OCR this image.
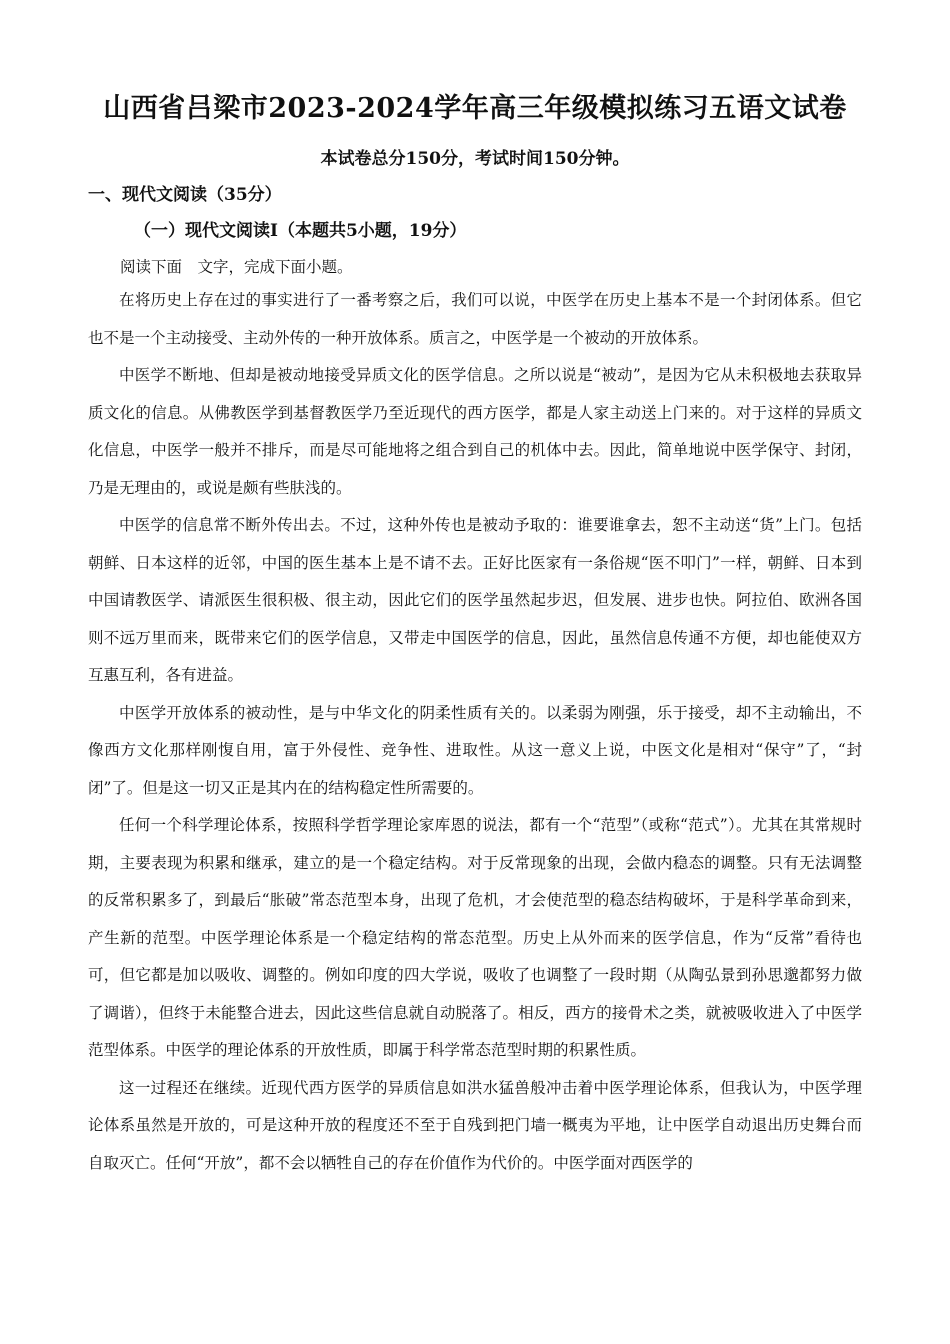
山西省吕梁市2023-2024学年高三年级模拟练习五语文试卷
本试卷总分150分，考试时间150分钟。
一、现代文阅读（35分）
（一）现代文阅读Ⅰ（本题共5小题，19分）
阅读下面　文字，完成下面小题。

在将历史上存在过的事实进行了一番考察之后，我们可以说，中医学在历史上基本不是一个封闭体系。但它也不是一个主动接受、主动外传的一种开放体系。质言之，中医学是一个被动的开放体系。

中医学不断地、但却是被动地接受异质文化的医学信息。之所以说是“被动”，是因为它从未积极地去获取异质文化的信息。从佛教医学到基督教医学乃至近现代的西方医学，都是人家主动送上门来的。对于这样的异质文化信息，中医学一般并不排斥，而是尽可能地将之组合到自己的机体中去。因此，简单地说中医学保守、封闭，乃是无理由的，或说是颇有些肤浅的。

中医学的信息常不断外传出去。不过，这种外传也是被动予取的：谁要谁拿去，恕不主动送“货”上门。包括朝鲜、日本这样的近邻，中国的医生基本上是不请不去。正好比医家有一条俗规“医不叩门”一样，朝鲜、日本到中国请教医学、请派医生很积极、很主动，因此它们的医学虽然起步迟，但发展、进步也快。阿拉伯、欧洲各国则不远万里而来，既带来它们的医学信息，又带走中国医学的信息，因此，虽然信息传通不方便，却也能使双方互惠互利，各有进益。

中医学开放体系的被动性，是与中华文化的阴柔性质有关的。以柔弱为刚强，乐于接受，却不主动输出，不像西方文化那样刚愎自用，富于外侵性、竞争性、进取性。从这一意义上说，中医文化是相对“保守”了，“封闭”了。但是这一切又正是其内在的结构稳定性所需要的。

任何一个科学理论体系，按照科学哲学理论家库恩的说法，都有一个“范型”（或称“范式”）。尤其在其常规时期，主要表现为积累和继承，建立的是一个稳定结构。对于反常现象的出现，会做内稳态的调整。只有无法调整的反常积累多了，到最后“胀破”常态范型本身，出现了危机，才会使范型的稳态结构破坏，于是科学革命到来，产生新的范型。中医学理论体系是一个稳定结构的常态范型。历史上从外而来的医学信息，作为“反常”看待也可，但它都是加以吸收、调整的。例如印度的四大学说，吸收了也调整了一段时期（从陶弘景到孙思邈都努力做了调谐），但终于未能整合进去，因此这些信息就自动脱落了。相反，西方的接骨术之类，就被吸收进入了中医学范型体系。中医学的理论体系的开放性质，即属于科学常态范型时期的积累性质。

这一过程还在继续。近现代西方医学的异质信息如洪水猛兽般冲击着中医学理论体系，但我认为，中医学理论体系虽然是开放的，可是这种开放的程度还不至于自残到把门墙一概夷为平地，让中医学自动退出历史舞台而自取灭亡。任何“开放”，都不会以牺牲自己的存在价值作为代价的。中医学面对西医学的
